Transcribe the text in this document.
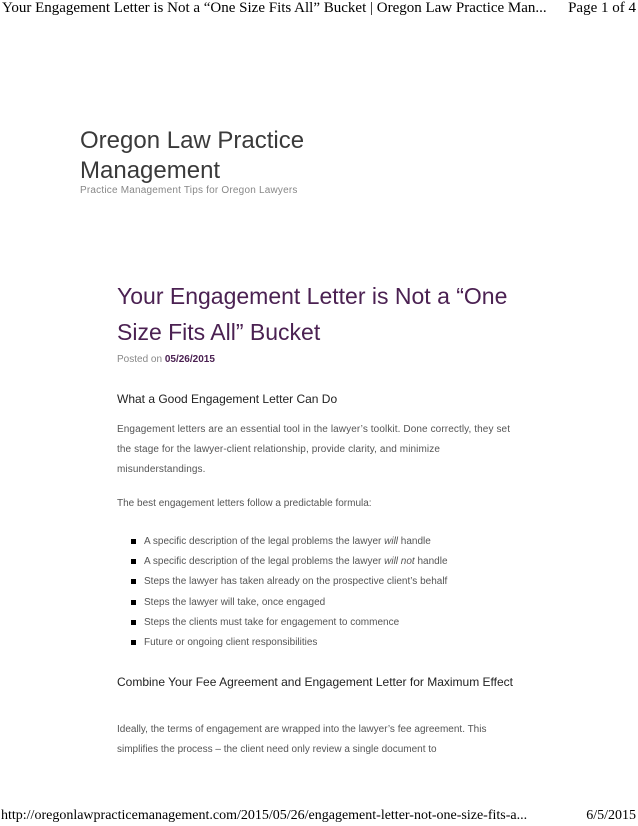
Your Engagement Letter is Not a “One Size Fits All” Bucket | Oregon Law Practice Man... Page 1 of 4
Oregon Law Practice Management
Practice Management Tips for Oregon Lawyers
Your Engagement Letter is Not a “One Size Fits All” Bucket
Posted on 05/26/2015
What a Good Engagement Letter Can Do

Engagement letters are an essential tool in the lawyer’s toolkit. Done correctly, they set the stage for the lawyer-client relationship, provide clarity, and minimize misunderstandings.

The best engagement letters follow a predictable formula:

A specific description of the legal problems the lawyer will handle
A specific description of the legal problems the lawyer will not handle
Steps the lawyer has taken already on the prospective client’s behalf
Steps the lawyer will take, once engaged
Steps the clients must take for engagement to commence
Future or ongoing client responsibilities
Combine Your Fee Agreement and Engagement Letter for Maximum Effect

Ideally, the terms of engagement are wrapped into the lawyer’s fee agreement. This simplifies the process – the client need only review a single document to

http://oregonlawpracticemanagement.com/2015/05/26/engagement-letter-not-one-size-fits-a...	6/5/2015
